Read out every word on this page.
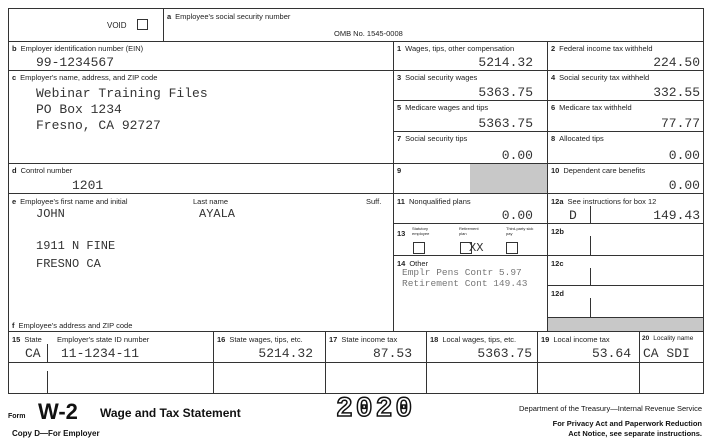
VOID
a Employee's social security number
OMB No. 1545-0008
b Employer identification number (EIN)
99-1234567
c Employer's name, address, and ZIP code
Webinar Training Files
PO Box 1234
Fresno, CA 92727
d Control number
1201
e Employee's first name and initial	Last name	Suff.
JOHN	AYALA
1911 N FINE
FRESNO CA
f Employee's address and ZIP code
1 Wages, tips, other compensation
5214.32
3 Social security wages
5363.75
5 Medicare wages and tips
5363.75
7 Social security tips
0.00
9
11 Nonqualified plans
0.00
13
Statutory employee
Retirement plan
Third-party sick pay
XX
14 Other
Emplr Pens Contr 5.97
Retirement Cont 149.43
2 Federal income tax withheld
224.50
4 Social security tax withheld
332.55
6 Medicare tax withheld
77.77
8 Allocated tips
0.00
10 Dependent care benefits
0.00
12a See instructions for box 12
D	149.43
12b
12c
12d
15 State Employer's state ID number
CA 11-1234-11
16 State wages, tips, etc.
5214.32
17 State income tax
87.53
18 Local wages, tips, etc.
5363.75
19 Local income tax
53.64
20 Locality name
CA SDI
Form W-2 Wage and Tax Statement	2020
Copy D—For Employer
Department of the Treasury—Internal Revenue Service
For Privacy Act and Paperwork Reduction
Act Notice, see separate instructions.
